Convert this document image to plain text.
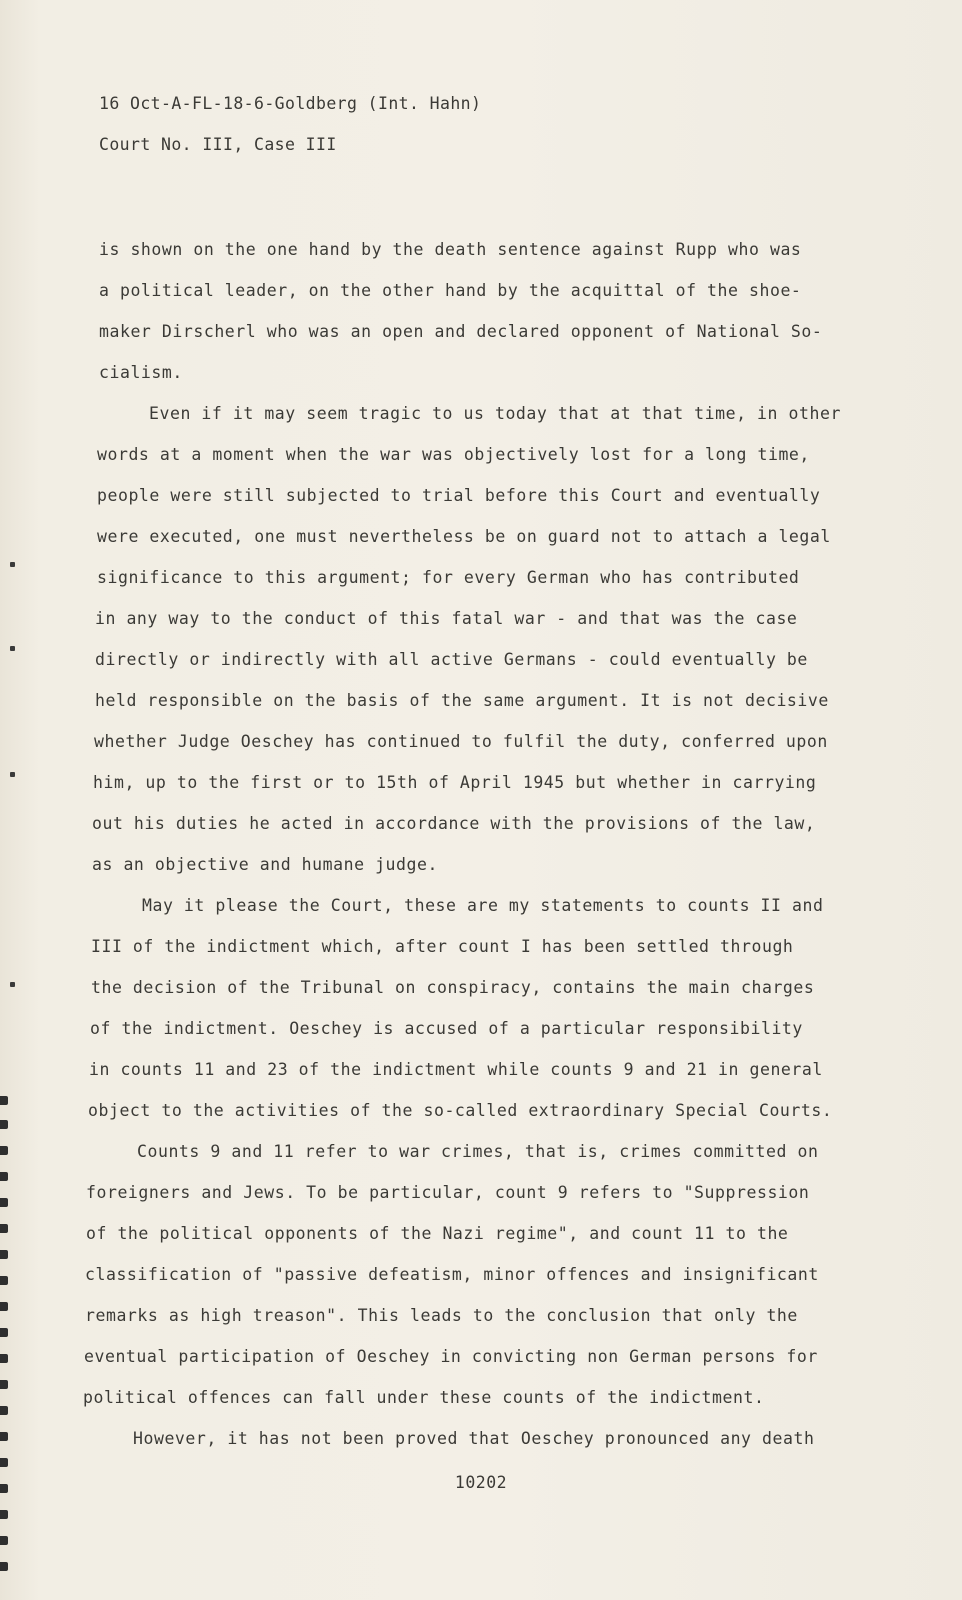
16 Oct-A-FL-18-6-Goldberg (Int. Hahn)
Court No. III, Case III
is shown on the one hand by the death sentence against Rupp who was
a political leader, on the other hand by the acquittal of the shoe-
maker Dirscherl who was an open and declared opponent of National So-
cialism.
Even if it may seem tragic to us today that at that time, in other
words at a moment when the war was objectively lost for a long time,
people were still subjected to trial before this Court and eventually
were executed, one must nevertheless be on guard not to attach a legal
significance to this argument; for every German who has contributed
in any way to the conduct of this fatal war - and that was the case
directly or indirectly with all active Germans - could eventually be
held responsible on the basis of the same argument. It is not decisive
whether Judge Oeschey has continued to fulfil the duty, conferred upon
him, up to the first or to 15th of April 1945 but whether in carrying
out his duties he acted in accordance with the provisions of the law,
as an objective and humane judge.
May it please the Court, these are my statements to counts II and
III of the indictment which, after count I has been settled through
the decision of the Tribunal on conspiracy, contains the main charges
of the indictment. Oeschey is accused of a particular responsibility
in counts 11 and 23 of the indictment while counts 9 and 21 in general
object to the activities of the so-called extraordinary Special Courts.
Counts 9 and 11 refer to war crimes, that is, crimes committed on
foreigners and Jews. To be particular, count 9 refers to "Suppression
of the political opponents of the Nazi regime", and count 11 to the
classification of "passive defeatism, minor offences and insignificant
remarks as high treason". This leads to the conclusion that only the
eventual participation of Oeschey in convicting non German persons for
political offences can fall under these counts of the indictment.
However, it has not been proved that Oeschey pronounced any death
10202
